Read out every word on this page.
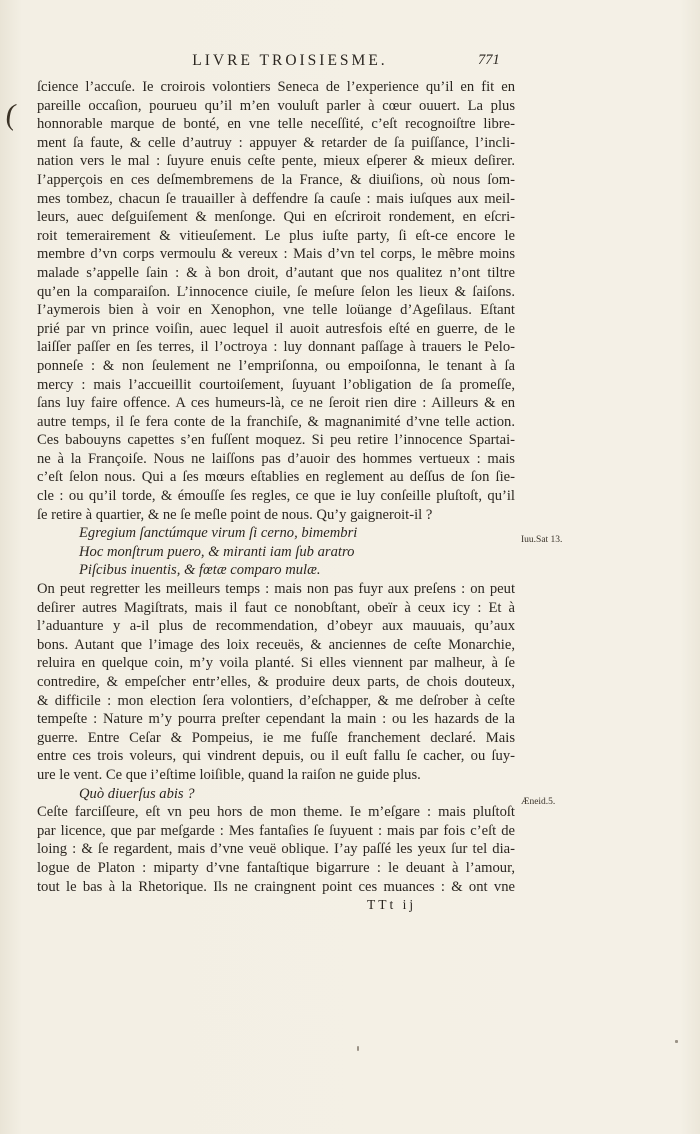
LIVRE TROISIESME.	771
(
ſcience l’accuſe. Ie croirois volontiers Seneca de l’experience qu’il en fit en
pareille occaſion, pourueu qu’il m’en vouluſt parler à cœur ouuert. La plus
honnorable marque de bonté, en vne telle neceſſité, c’eſt recognoiſtre libre-
ment ſa faute, & celle d’autruy : appuyer & retarder de ſa puiſſance, l’incli-
nation vers le mal : ſuyure enuis ceſte pente, mieux eſperer & mieux deſirer.
I’apperçois en ces deſmembremens de la France, & diuiſions, où nous ſom-
mes tombez, chacun ſe trauailler à deffendre ſa cauſe : mais iuſques aux meil-
leurs, auec deſguiſement & menſonge. Qui en eſcriroit rondement, en eſcri-
roit temerairement & vitieuſement. Le plus iuſte party, ſi eſt-ce encore le
membre d’vn corps vermoulu & vereux : Mais d’vn tel corps, le mẽbre moins
malade s’appelle ſain : & à bon droit, d’autant que nos qualitez n’ont tiltre
qu’en la comparaiſon. L’innocence ciuile, ſe meſure ſelon les lieux & ſaiſons.
I’aymerois bien à voir en Xenophon, vne telle loüange d’Ageſilaus. Eſtant
prié par vn prince voiſin, auec lequel il auoit autresfois eſté en guerre, de le
laiſſer paſſer en ſes terres, il l’octroya : luy donnant paſſage à trauers le Pelo-
ponneſe : & non ſeulement ne l’empriſonna, ou empoiſonna, le tenant à ſa
mercy : mais l’accueillit courtoiſement, ſuyuant l’obligation de ſa promeſſe,
ſans luy faire offence. A ces humeurs-là, ce ne ſeroit rien dire : Ailleurs & en
autre temps, il ſe fera conte de la franchiſe, & magnanimité d’vne telle action.
Ces babouyns capettes s’en fuſſent moquez. Si peu retire l’innocence Spartai-
ne à la Françoiſe. Nous ne laiſſons pas d’auoir des hommes vertueux : mais
c’eſt ſelon nous. Qui a ſes mœurs eſtablies en reglement au deſſus de ſon ſie-
cle : ou qu’il torde, & émouſſe ſes regles, ce que ie luy conſeille pluſtoſt, qu’il
ſe retire à quartier, & ne ſe meſle point de nous. Qu’y gaigneroit-il ?
Egregium ſanctúmque virum ſi cerno, bimembri
Hoc monſtrum puero, & miranti iam ſub aratro
Piſcibus inuentis, & fœtæ comparo mulæ.
On peut regretter les meilleurs temps : mais non pas fuyr aux preſens : on peut
deſirer autres Magiſtrats, mais il faut ce nonobſtant, obeïr à ceux icy : Et à
l’aduanture y a-il plus de recommendation, d’obeyr aux mauuais, qu’aux
bons. Autant que l’image des loix receuës, & anciennes de ceſte Monarchie,
reluira en quelque coin, m’y voila planté. Si elles viennent par malheur, à ſe
contredire, & empeſcher entr’elles, & produire deux parts, de chois douteux,
& difficile : mon election ſera volontiers, d’eſchapper, & me deſrober à ceſte
tempeſte : Nature m’y pourra preſter cependant la main : ou les hazards de la
guerre. Entre Ceſar & Pompeius, ie me fuſſe franchement declaré. Mais
entre ces trois voleurs, qui vindrent depuis, ou il euſt fallu ſe cacher, ou ſuy-
ure le vent. Ce que i’eſtime loiſible, quand la raiſon ne guide plus.
Quò diuerſus abis ?
Ceſte farciſſeure, eſt vn peu hors de mon theme. Ie m’eſgare : mais pluſtoſt
par licence, que par meſgarde : Mes fantaſies ſe ſuyuent : mais par fois c’eſt de
loing : & ſe regardent, mais d’vne veuë oblique. I’ay paſſé les yeux ſur tel dia-
logue de Platon : miparty d’vne fantaſtique bigarrure : le deuant à l’amour,
tout le bas à la Rhetorique. Ils ne craingnent point ces muances : & ont vne
TTt ij
Iuu.Sat 13.
Æneid.5.
